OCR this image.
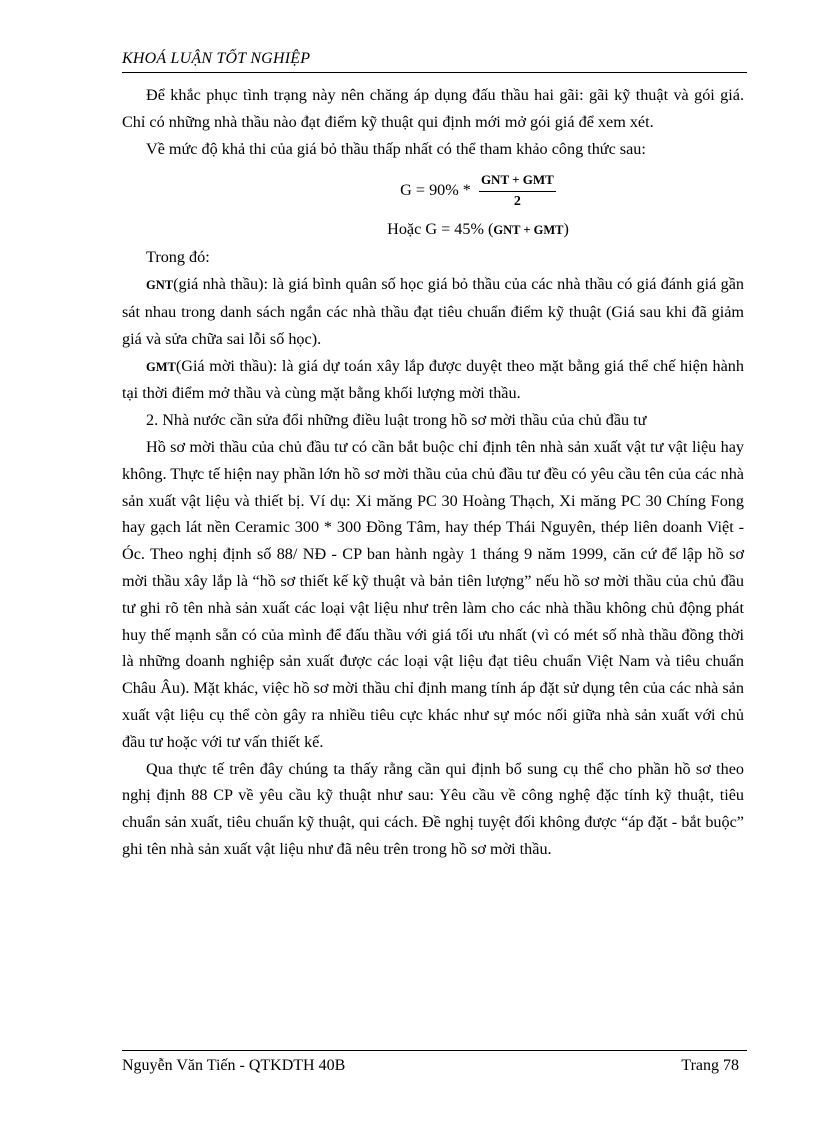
KHOÁ LUẬN TỐT NGHIỆP

Để khắc phục tình trạng này nên chăng áp dụng đấu thầu hai gãi: gãi kỹ thuật và gói giá. Chỉ có những nhà thầu nào đạt điểm kỹ thuật qui định mới mở gói giá để xem xét.

Về mức độ khả thi của giá bỏ thầu thấp nhất có thể tham khảo công thức sau:

$G = 90\% * \frac{\text{GNT + GMT}}{2}$
Hoặc G = 45% (GNT + GMT)

Trong đó:

GNT(giá nhà thầu): là giá bình quân số học giá bỏ thầu của các nhà thầu có giá đánh giá gần sát nhau trong danh sách ngắn các nhà thầu đạt tiêu chuẩn điểm kỹ thuật (Giá sau khi đã giảm giá và sửa chữa sai lỗi số học).

GMT(Giá mời thầu): là giá dự toán xây lắp được duyệt theo mặt bằng giá thể chế hiện hành tại thời điểm mở thầu và cùng mặt bằng khối lượng mời thầu.

2. Nhà nước cần sửa đổi những điều luật trong hồ sơ mời thầu của chủ đầu tư

Hồ sơ mời thầu của chủ đầu tư có cần bắt buộc chỉ định tên nhà sản xuất vật tư vật liệu hay không. Thực tế hiện nay phần lớn hồ sơ mời thầu của chủ đầu tư đều có yêu cầu tên của các nhà sản xuất vật liệu và thiết bị. Ví dụ: Xi măng PC 30 Hoàng Thạch, Xi măng PC 30 Chíng Fong hay gạch lát nền Ceramic 300 * 300 Đồng Tâm, hay thép Thái Nguyên, thép liên doanh Việt - Óc. Theo nghị định số 88/ NĐ - CP ban hành ngày 1 tháng 9 năm 1999, căn cứ để lập hồ sơ mời thầu xây lắp là “hồ sơ thiết kế kỹ thuật và bản tiên lượng” nếu hồ sơ mời thầu của chủ đầu tư ghi rõ tên nhà sản xuất các loại vật liệu như trên làm cho các nhà thầu không chủ động phát huy thế mạnh sẵn có của mình để đấu thầu với giá tối ưu nhất (vì có mét số nhà thầu đồng thời là những doanh nghiệp sản xuất được các loại vật liệu đạt tiêu chuẩn Việt Nam và tiêu chuẩn Châu Âu). Mặt khác, việc hồ sơ mời thầu chỉ định mang tính áp đặt sử dụng tên của các nhà sản xuất vật liệu cụ thể còn gây ra nhiều tiêu cực khác như sự móc nối giữa nhà sản xuất với chủ đầu tư hoặc với tư vấn thiết kế.

Qua thực tế trên đây chúng ta thấy rằng cần qui định bổ sung cụ thể cho phần hồ sơ theo nghị định 88 CP về yêu cầu kỹ thuật như sau: Yêu cầu về công nghệ đặc tính kỹ thuật, tiêu chuẩn sản xuất, tiêu chuẩn kỹ thuật, qui cách. Đề nghị tuyệt đối không được “áp đặt - bắt buộc” ghi tên nhà sản xuất vật liệu như đã nêu trên trong hồ sơ mời thầu.

Nguyễn Văn Tiến - QTKDTH 40B	Trang 78
